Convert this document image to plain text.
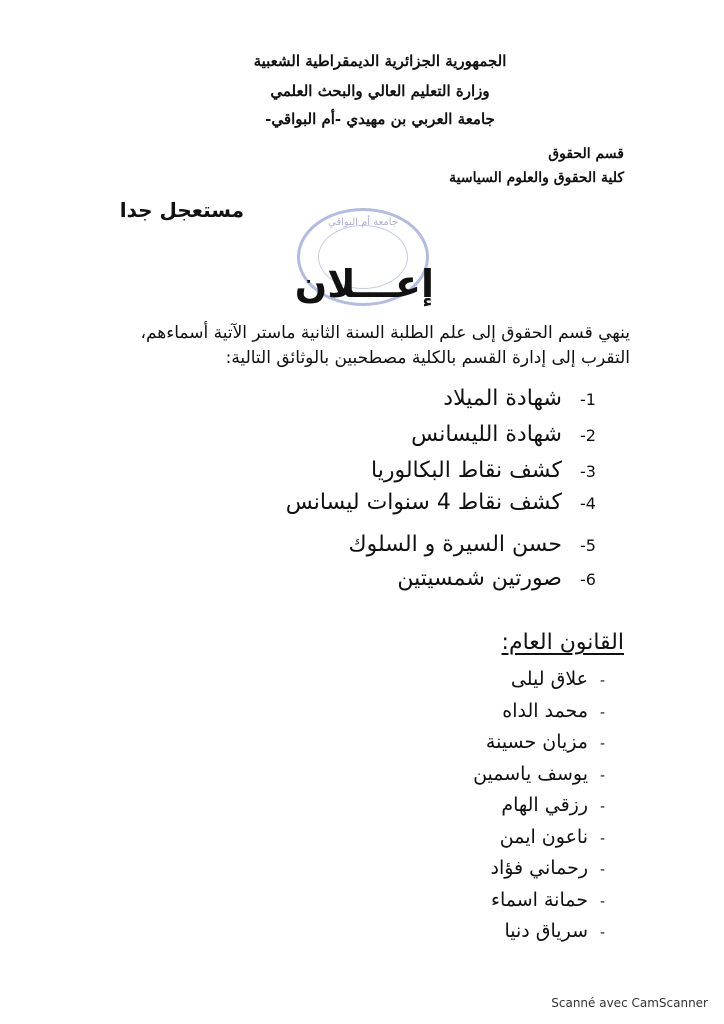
الجمهورية الجزائرية الديمقراطية الشعبية
وزارة التعليم العالي والبحث العلمي
جامعة العربي بن مهيدي -أم البواقي-
قسم الحقوق
كلية الحقوق والعلوم السياسية
مستعجل جدا
جامعة أم البواقي
إعـــلان
ينهي قسم الحقوق إلى علم الطلبة السنة الثانية ماستر الآتية أسماءهم،
التقرب إلى إدارة القسم بالكلية مصطحبين بالوثائق التالية:
-1
شهادة الميلاد
-2
شهادة الليسانس
-3
كشف نقاط البكالوريا
-4
كشف نقاط 4 سنوات ليسانس
-5
حسن السيرة و السلوك
-6
صورتين شمسيتين
القانون العام:
-
علاق ليلى
-
محمد الداه
-
مزيان حسينة
-
يوسف ياسمين
-
رزقي الهام
-
ناعون ايمن
-
رحماني فؤاد
-
حمانة اسماء
-
سرياق دنيا
Scanné avec CamScanner
